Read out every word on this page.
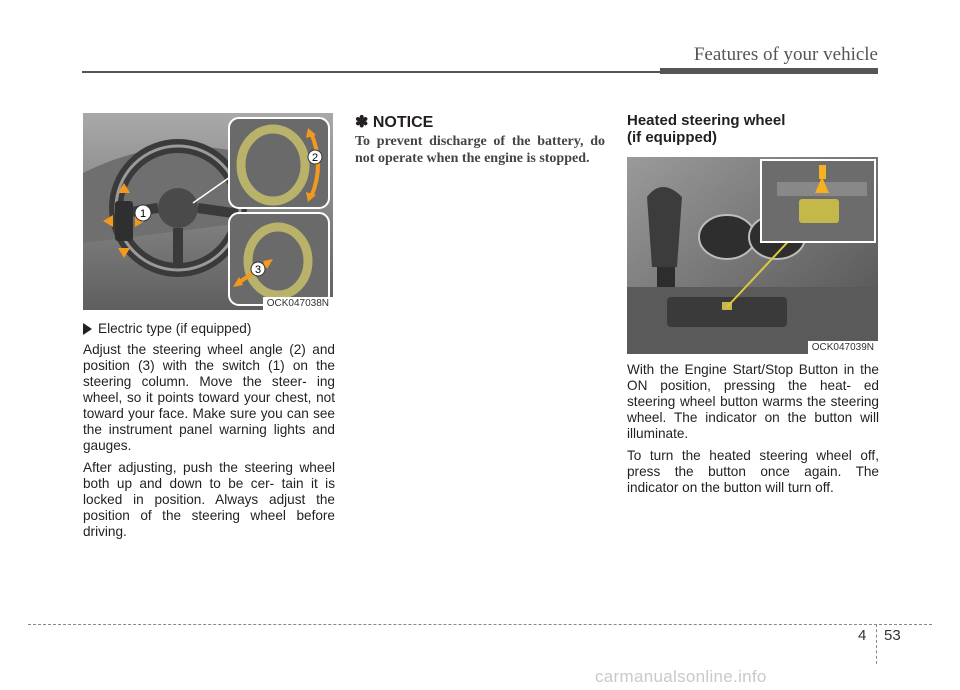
Features of your vehicle
1
2
3
OCK047038N
Electric type (if equipped)

Adjust the steering wheel angle (2) and position (3) with the switch (1) on the steering column. Move the steer- ing wheel, so it points toward your chest, not toward your face. Make sure you can see the instrument panel warning lights and gauges.

After adjusting, push the steering wheel both up and down to be cer- tain it is locked in position. Always adjust the position of the steering wheel before driving.

✽ NOTICE
To prevent discharge of the battery, do not operate when the engine is stopped.
Heated steering wheel
(if equipped)
OCK047039N

With the Engine Start/Stop Button in the ON position, pressing the heat- ed steering wheel button warms the steering wheel. The indicator on the button will illuminate.

To turn the heated steering wheel off, press the button once again. The indicator on the button will turn off.

4 53
carmanualsonline.info
